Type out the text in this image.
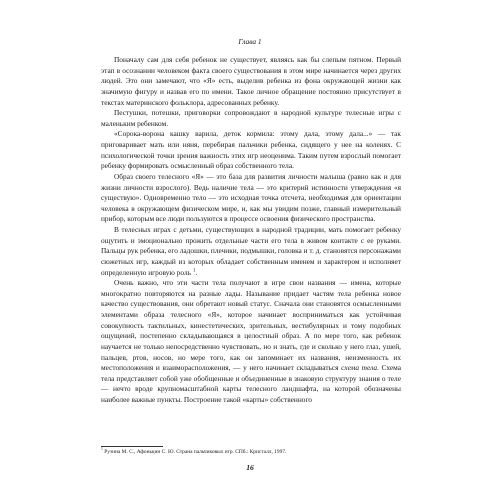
Глава 1

Поначалу сам для себя ребенок не существует, являясь как бы слепым пятном. Первый этап в осознании человеком факта своего существования в этом мире начинается через других людей. Это они замечают, что «Я» есть, выделив ребенка из фона окружающей жизни как значимую фигуру и назвав его по имени. Такое личное обращение постоянно присутствует в текстах материнского фольклора, адресованных ребенку.

Пестушки, потешки, приговорки сопровождают в народной культуре телесные игры с маленьким ребенком.

«Сорока-ворона кашку варила, деток кормила: этому дала, этому дала...» — так приговаривает мать или няня, перебирая пальчики ребенка, сидящего у нее на коленях. С психологической точки зрения важность этих игр неоценима. Таким путем взрослый помогает ребенку формировать осмысленный образ собственного тела.

Образ своего телесного «Я» — это база для развития личности малыша (равно как и для жизни личности взрослого). Ведь наличие тела — это критерий истинности утверждения «я существую». Одновременно тело — это исходная точка отсчета, необходимая для ориентации человека в окружающем физическом мире, и, как мы увидим позже, главный измерительный прибор, которым все люди пользуются в процессе освоения физического пространства.

В телесных играх с детьми, существующих в народной традиции, мать помогает ребенку ощутить и эмоционально прожить отдельные части его тела в живом контакте с ее руками. Пальцы рук ребенка, его ладошки, плечики, подмышки, головка и т. д. становятся персонажами сюжетных игр, каждый из которых обладает собственным именем и характером и исполняет определенную игровую роль $^1$.

Очень важно, что эти части тела получают в игре свои названия — имена, которые многократно повторяются на разные лады. Называние придает частям тела ребенка новое качество существования, они обретают новый статус. Сначала они становятся осмысленными элементами образа телесного «Я», которое начинает восприниматься как устойчивая совокупность тактильных, кинестетических, зрительных, вестибулярных и тому подобных ощущений, постепенно складывающаяся в целостный образ. А по мере того, как ребенок научается не только непосредственно чувствовать, но и знать, где и сколько у него глаз, ушей, пальцев, ртов, носов, но мере того, как он запоминает их названия, неизменность их местоположения и взаиморасположения, — у него начинает складываться схема тела. Схема тела представляет собой уже обобщенные и объединенные в знаковую структуру знания о теле — нечто вроде крупномасштабной карты телесного ландшафта, на которой обозначены наиболее важные пункты. Построение такой «карты» собственного

$^1$ Рузина М. С., Афоньқин С. Ю. Страна пальчиковых игр. СПб.: Кристалл, 1997.
16
